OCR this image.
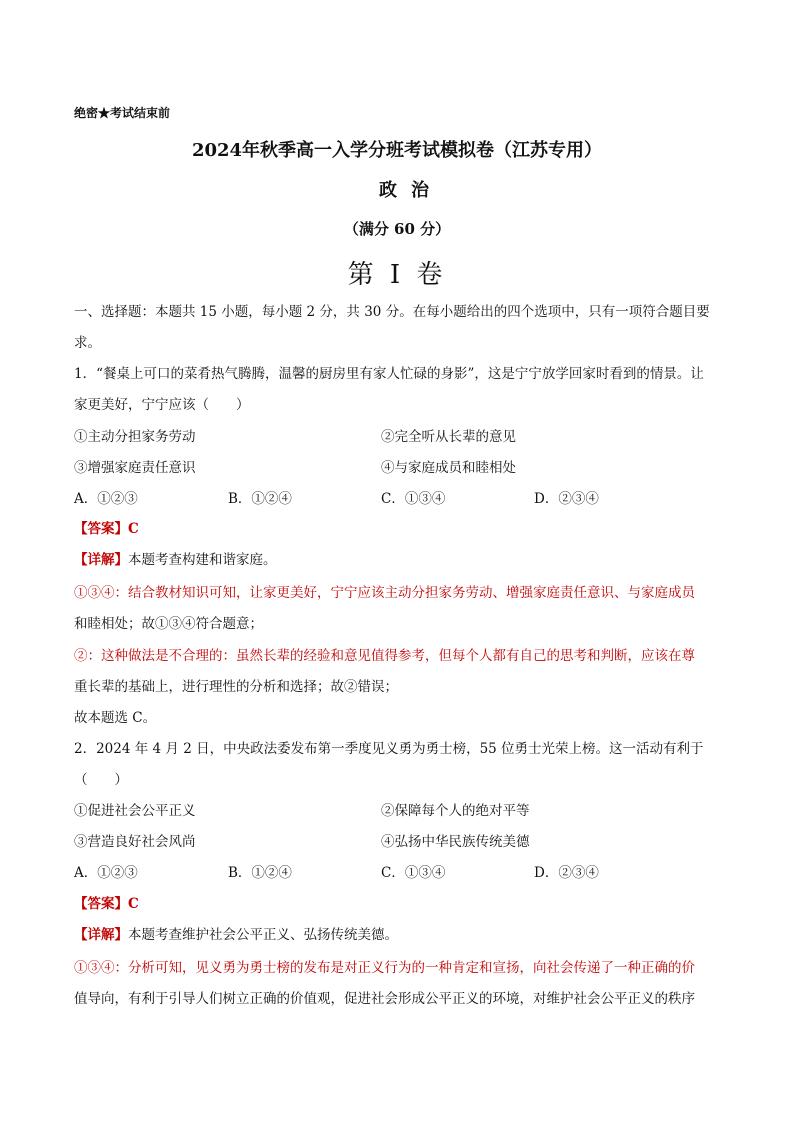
绝密★考试结束前
2024年秋季高一入学分班考试模拟卷（江苏专用）
政治
（满分 60 分）
第 I 卷
一、选择题：本题共 15 小题，每小题 2 分，共 30 分。在每小题给出的四个选项中，只有一项符合题目要
求。
1．“餐桌上可口的菜肴热气腾腾，温馨的厨房里有家人忙碌的身影”，这是宁宁放学回家时看到的情景。让
家更美好，宁宁应该（　　）
①主动分担家务劳动	②完全听从长辈的意见
③增强家庭责任意识	④与家庭成员和睦相处
A．①②③	B．①②④	C．①③④	D．②③④
【答案】C
【详解】本题考查构建和谐家庭。
①③④：结合教材知识可知，让家更美好，宁宁应该主动分担家务劳动、增强家庭责任意识、与家庭成员
和睦相处；故①③④符合题意；
②：这种做法是不合理的：虽然长辈的经验和意见值得参考，但每个人都有自己的思考和判断，应该在尊
重长辈的基础上，进行理性的分析和选择；故②错误；
故本题选 C。
2．2024 年 4 月 2 日，中央政法委发布第一季度见义勇为勇士榜，55 位勇士光荣上榜。这一活动有利于
（　　）
①促进社会公平正义	②保障每个人的绝对平等
③营造良好社会风尚	④弘扬中华民族传统美德
A．①②③	B．①②④	C．①③④	D．②③④
【答案】C
【详解】本题考查维护社会公平正义、弘扬传统美德。
①③④：分析可知，见义勇为勇士榜的发布是对正义行为的一种肯定和宣扬，向社会传递了一种正确的价
值导向，有利于引导人们树立正确的价值观，促进社会形成公平正义的环境，对维护社会公平正义的秩序
